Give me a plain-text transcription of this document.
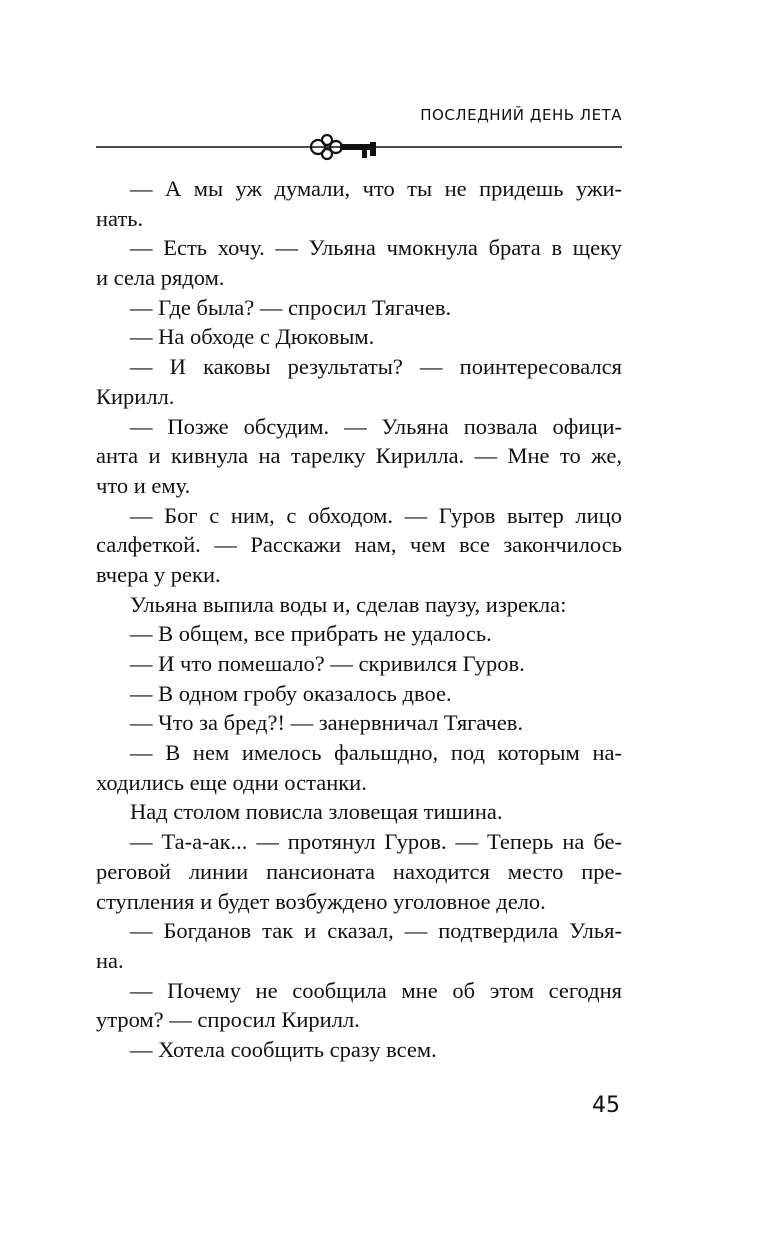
ПОСЛЕДНИЙ ДЕНЬ ЛЕТА
— А мы уж думали, что ты не придешь ужи-
нать.
— Есть хочу. — Ульяна чмокнула брата в щеку
и села рядом.
— Где была? — спросил Тягачев.
— На обходе с Дюковым.
— И каковы результаты? — поинтересовался
Кирилл.
— Позже обсудим. — Ульяна позвала офици-
анта и кивнула на тарелку Кирилла. — Мне то же,
что и ему.
— Бог с ним, с обходом. — Гуров вытер лицо
салфеткой. — Расскажи нам, чем все закончилось
вчера у реки.
Ульяна выпила воды и, сделав паузу, изрекла:
— В общем, все прибрать не удалось.
— И что помешало? — скривился Гуров.
— В одном гробу оказалось двое.
— Что за бред?! — занервничал Тягачев.
— В нем имелось фальшдно, под которым на-
ходились еще одни останки.
Над столом повисла зловещая тишина.
— Та-а-ак... — протянул Гуров. — Теперь на бе-
реговой линии пансионата находится место пре-
ступления и будет возбуждено уголовное дело.
— Богданов так и сказал, — подтвердила Улья-
на.
— Почему не сообщила мне об этом сегодня
утром? — спросил Кирилл.
— Хотела сообщить сразу всем.
45
